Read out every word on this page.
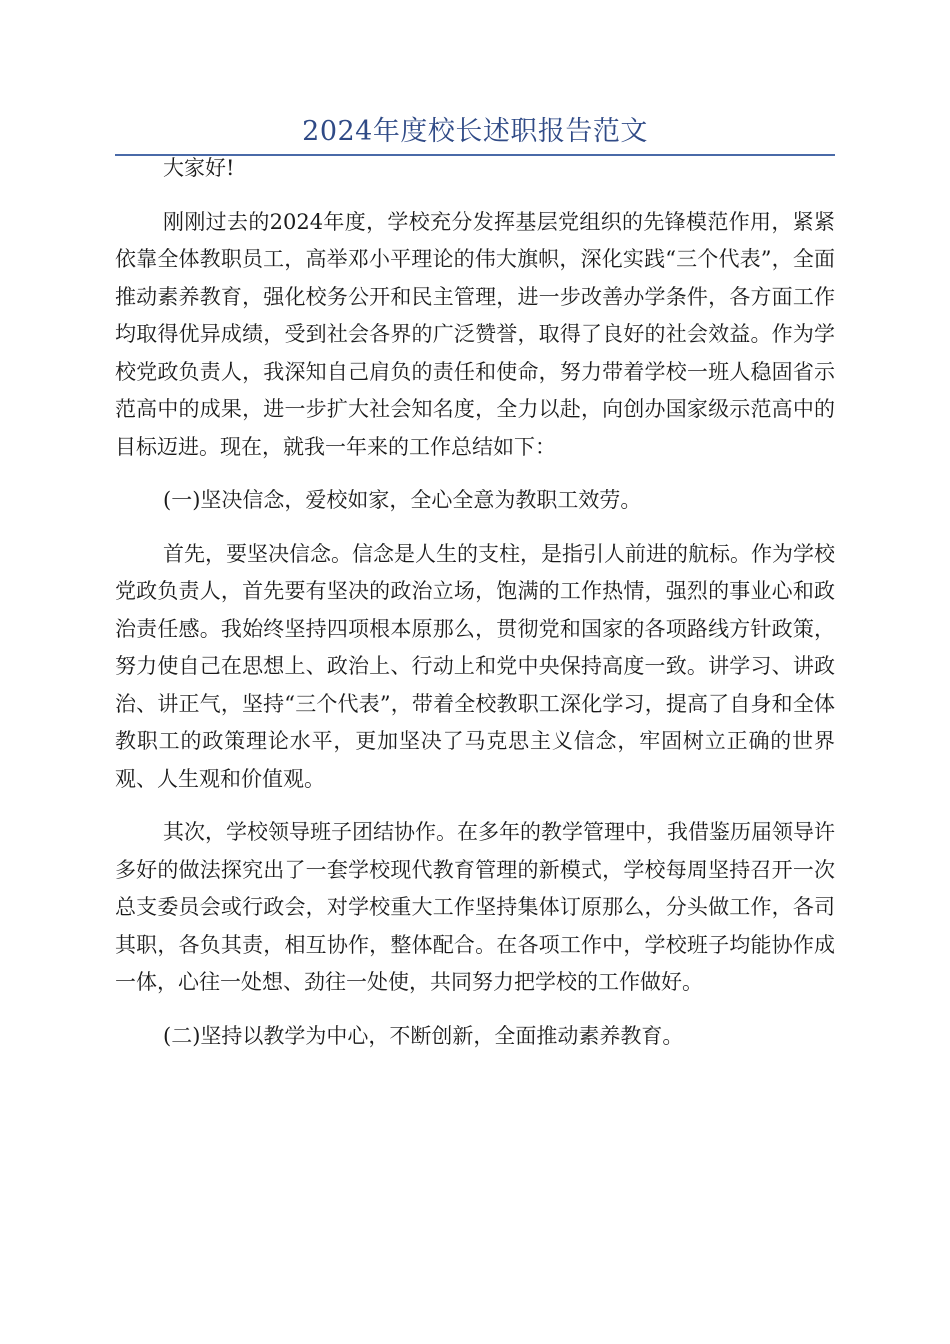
2024年度校长述职报告范文

大家好!

刚刚过去的2024年度，学校充分发挥基层党组织的先锋模范作用，紧紧依靠全体教职员工，高举邓小平理论的伟大旗帜，深化实践“三个代表”，全面推动素养教育，强化校务公开和民主管理，进一步改善办学条件，各方面工作均取得优异成绩，受到社会各界的广泛赞誉，取得了良好的社会效益。作为学校党政负责人，我深知自己肩负的责任和使命，努力带着学校一班人稳固省示范高中的成果，进一步扩大社会知名度，全力以赴，向创办国家级示范高中的目标迈进。现在，就我一年来的工作总结如下：

(一)坚决信念，爱校如家，全心全意为教职工效劳。

首先，要坚决信念。信念是人生的支柱，是指引人前进的航标。作为学校党政负责人，首先要有坚决的政治立场，饱满的工作热情，强烈的事业心和政治责任感。我始终坚持四项根本原那么，贯彻党和国家的各项路线方针政策，努力使自己在思想上、政治上、行动上和党中央保持高度一致。讲学习、讲政治、讲正气，坚持“三个代表”，带着全校教职工深化学习，提高了自身和全体教职工的政策理论水平，更加坚决了马克思主义信念，牢固树立正确的世界观、人生观和价值观。

其次，学校领导班子团结协作。在多年的教学管理中，我借鉴历届领导许多好的做法探究出了一套学校现代教育管理的新模式，学校每周坚持召开一次总支委员会或行政会，对学校重大工作坚持集体订原那么，分头做工作，各司其职，各负其责，相互协作，整体配合。在各项工作中，学校班子均能协作成一体，心往一处想、劲往一处使，共同努力把学校的工作做好。

(二)坚持以教学为中心，不断创新，全面推动素养教育。
